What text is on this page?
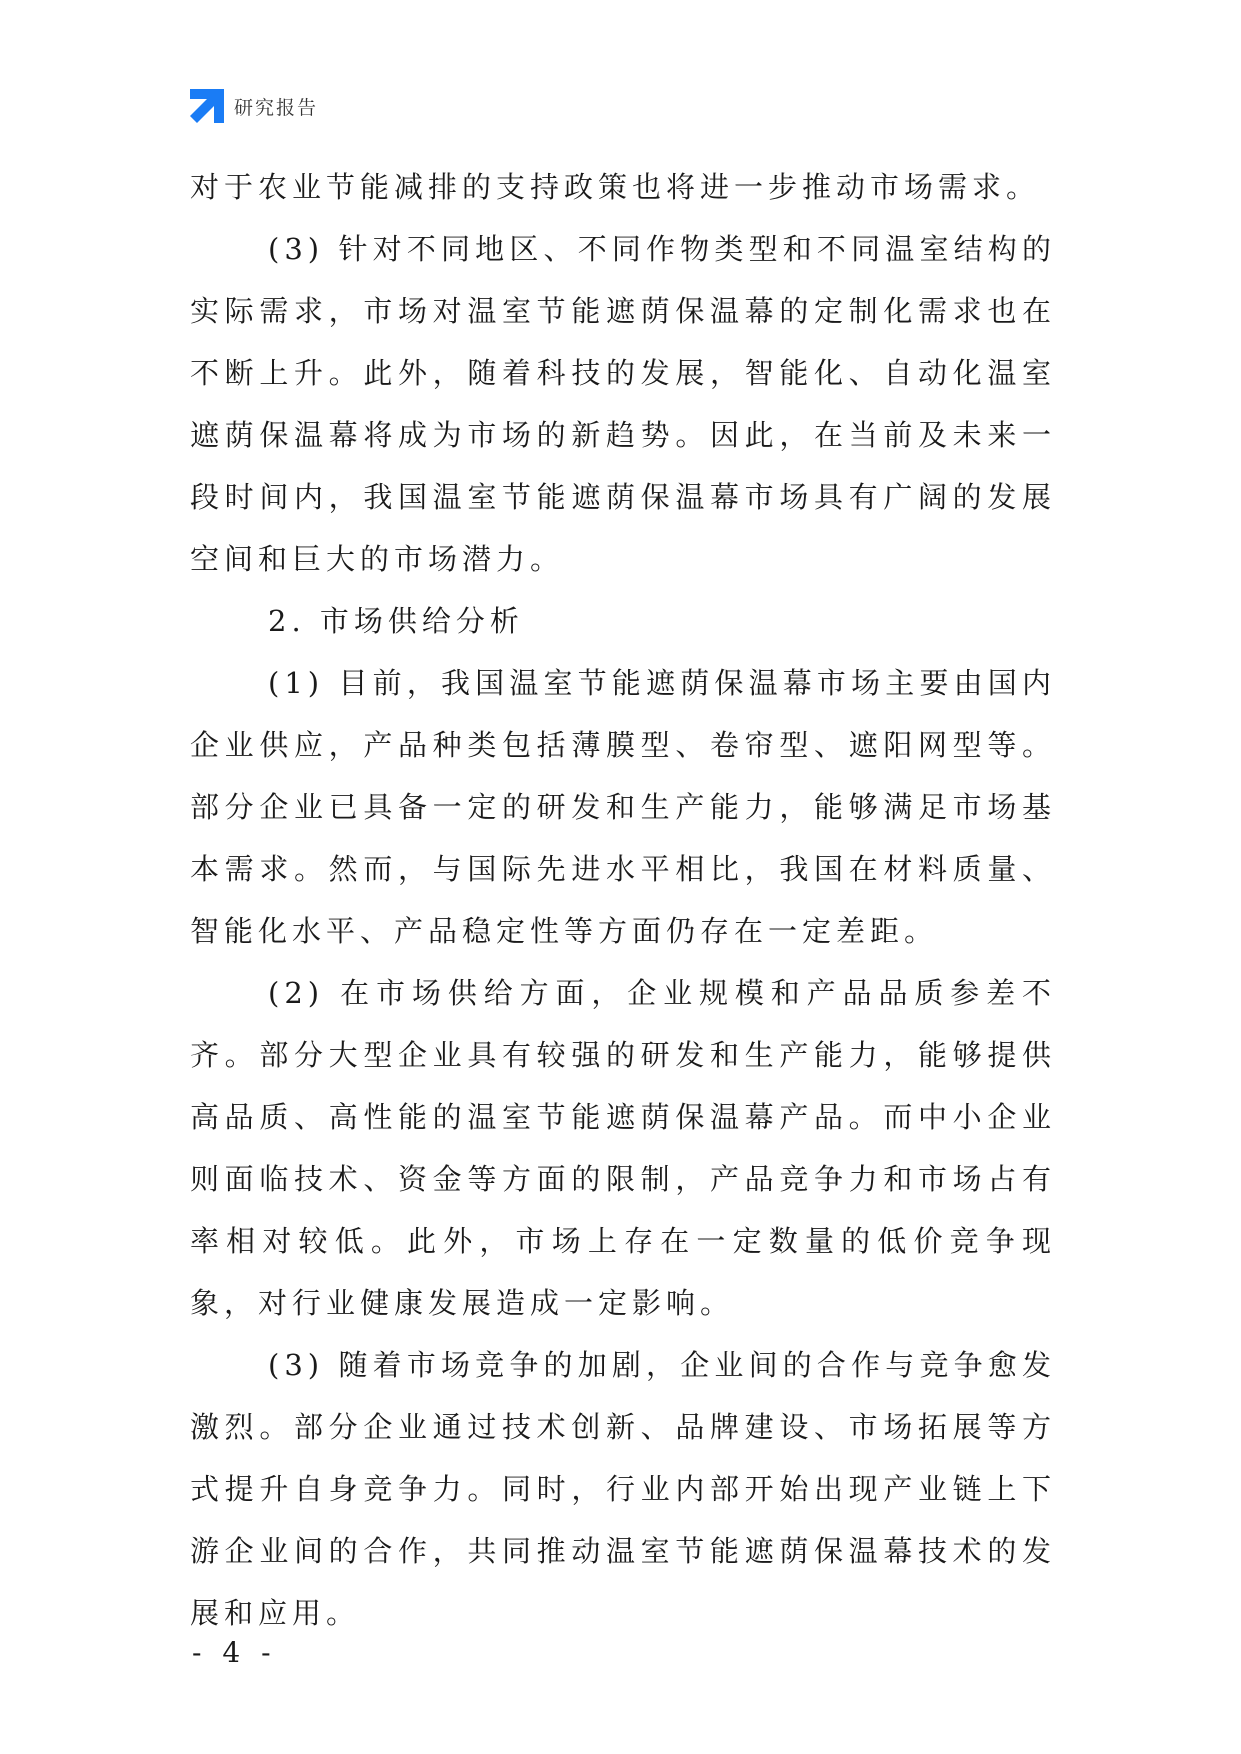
研究报告

对于农业节能减排的支持政策也将进一步推动市场需求。

(3) 针对不同地区、不同作物类型和不同温室结构的实际需求，市场对温室节能遮荫保温幕的定制化需求也在不断上升。此外，随着科技的发展，智能化、自动化温室遮荫保温幕将成为市场的新趋势。因此，在当前及未来一段时间内，我国温室节能遮荫保温幕市场具有广阔的发展空间和巨大的市场潜力。

2. 市场供给分析

(1) 目前，我国温室节能遮荫保温幕市场主要由国内企业供应，产品种类包括薄膜型、卷帘型、遮阳网型等。部分企业已具备一定的研发和生产能力，能够满足市场基本需求。然而，与国际先进水平相比，我国在材料质量、智能化水平、产品稳定性等方面仍存在一定差距。

(2) 在市场供给方面，企业规模和产品品质参差不齐。部分大型企业具有较强的研发和生产能力，能够提供高品质、高性能的温室节能遮荫保温幕产品。而中小企业则面临技术、资金等方面的限制，产品竞争力和市场占有率相对较低。此外，市场上存在一定数量的低价竞争现象，对行业健康发展造成一定影响。

(3) 随着市场竞争的加剧，企业间的合作与竞争愈发激烈。部分企业通过技术创新、品牌建设、市场拓展等方式提升自身竞争力。同时，行业内部开始出现产业链上下游企业间的合作，共同推动温室节能遮荫保温幕技术的发展和应用。

- 4 -
